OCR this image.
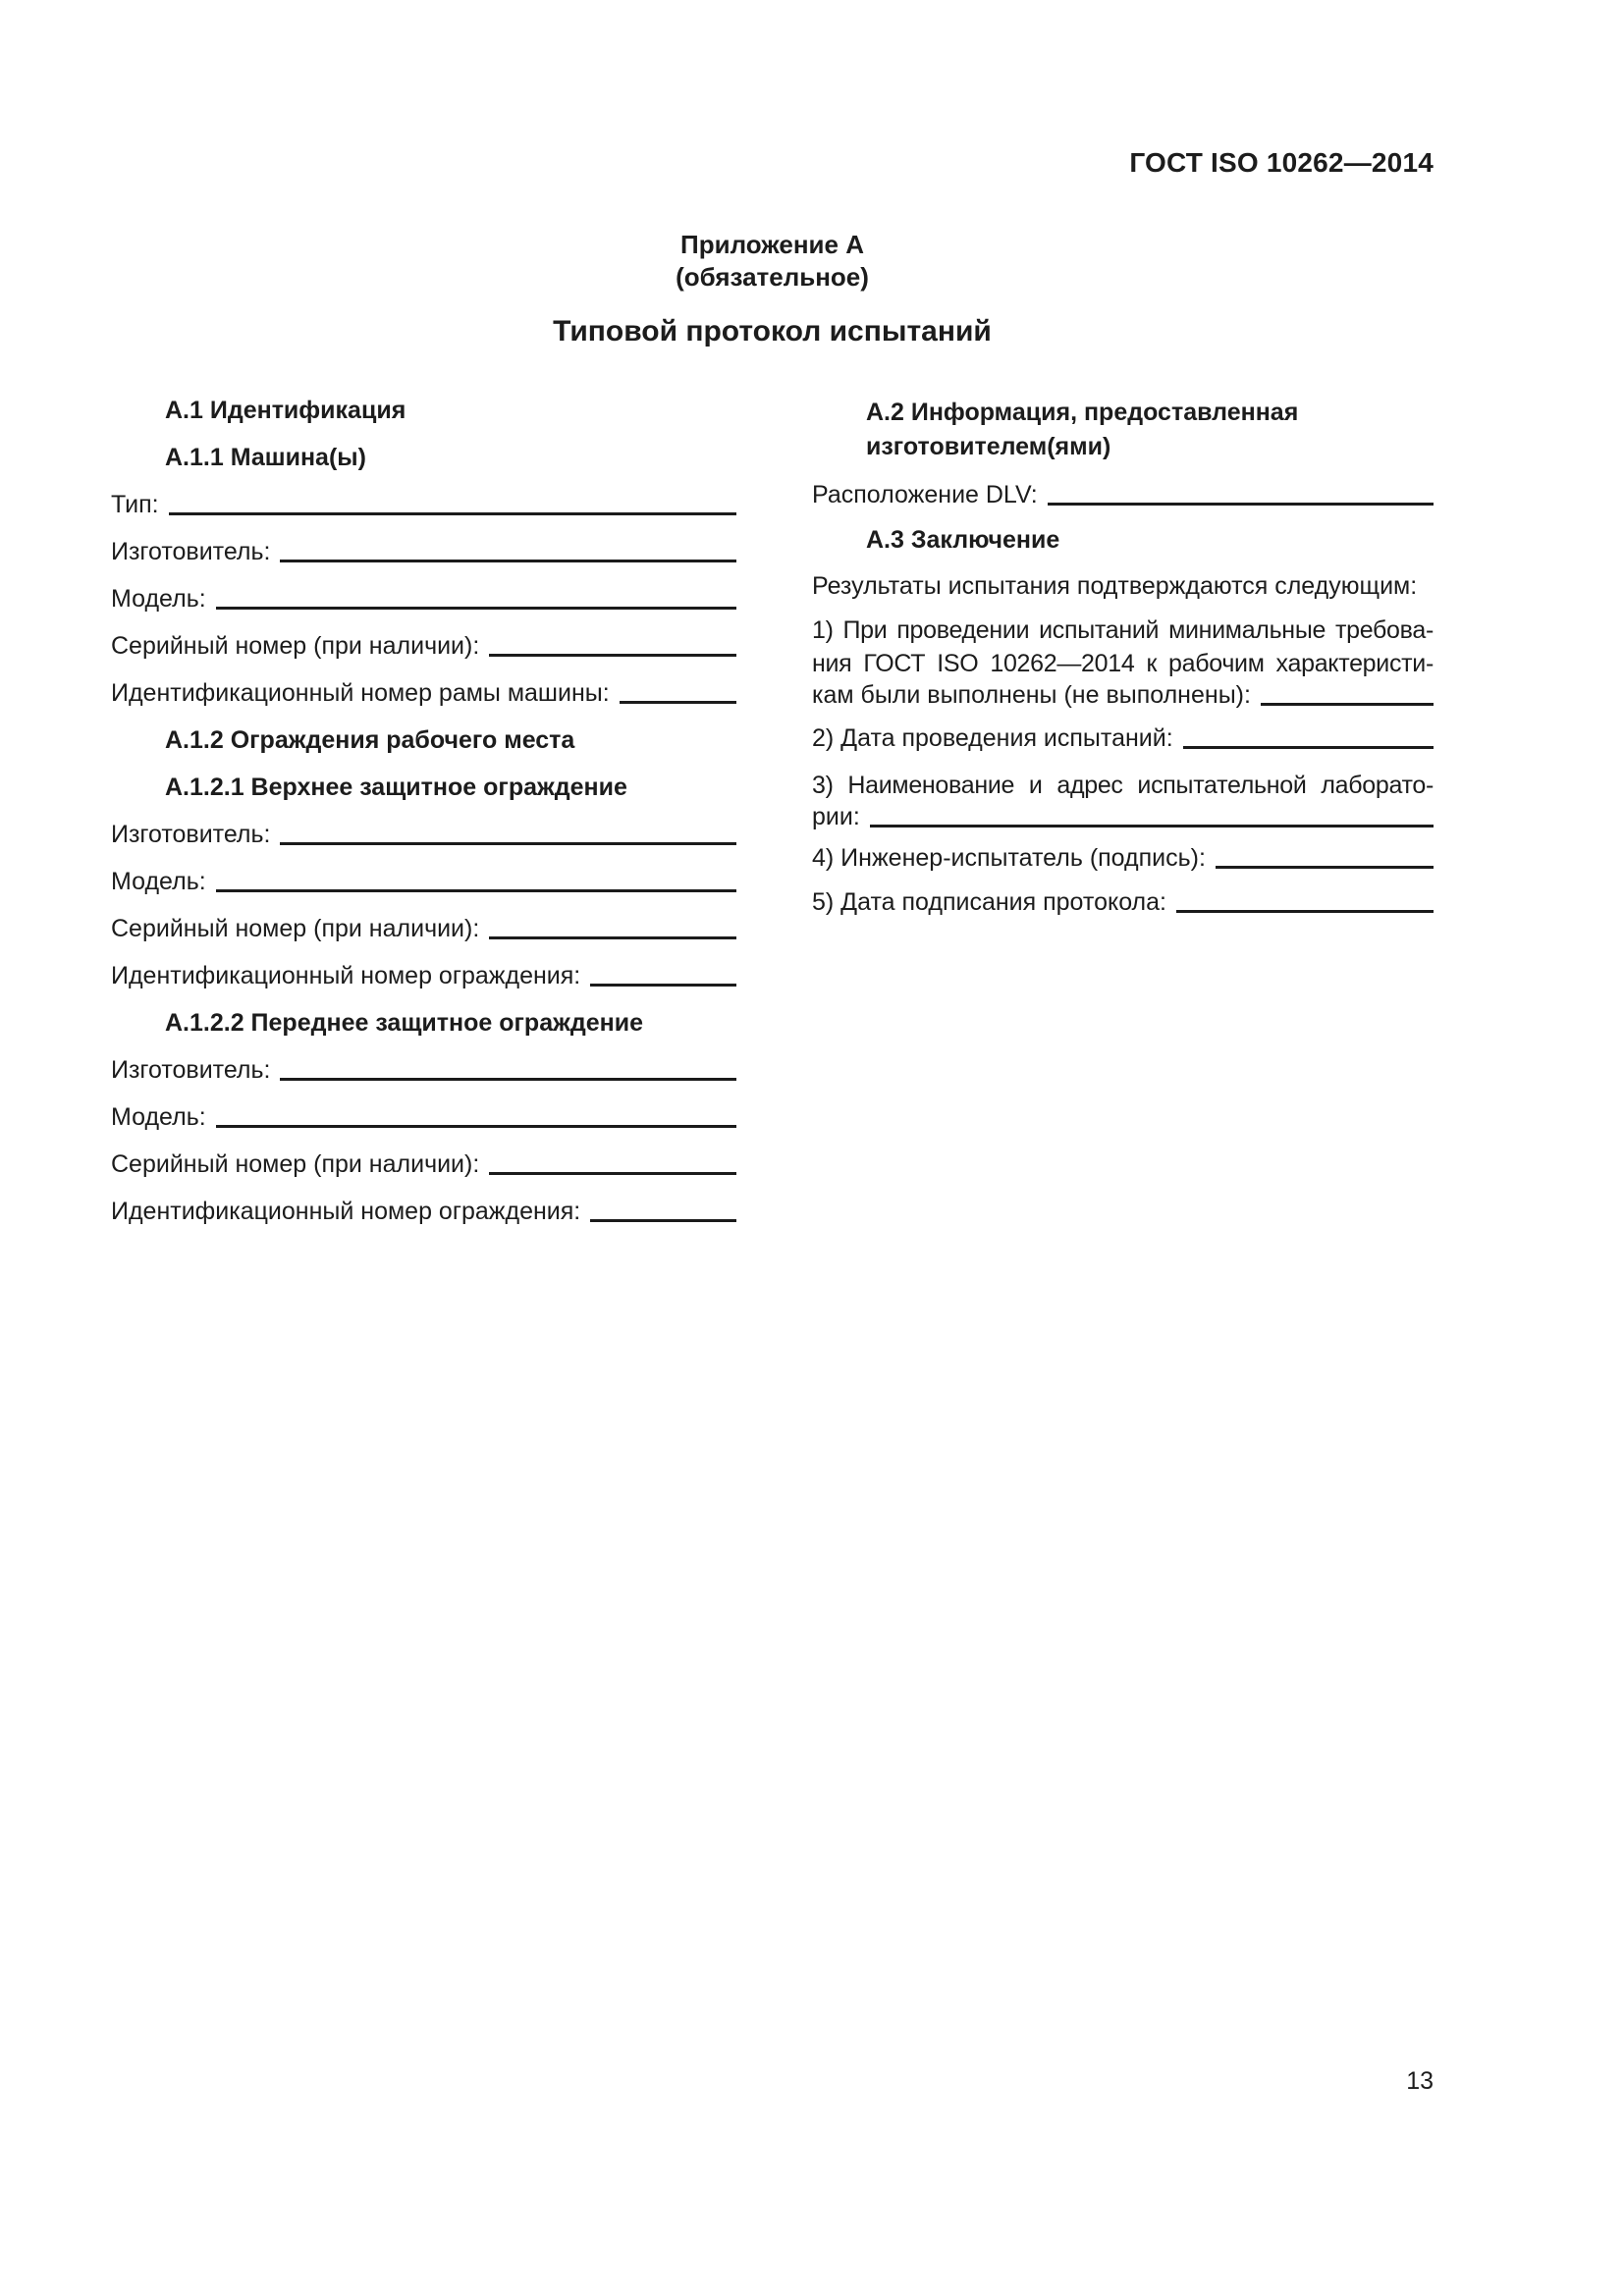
ГОСТ ISO 10262—2014
Приложение А
(обязательное)
Типовой протокол испытаний
А.1 Идентификация
А.1.1 Машина(ы)
Тип:
Изготовитель:
Модель:
Серийный номер (при наличии):
Идентификационный номер рамы машины:
А.1.2 Ограждения рабочего места
А.1.2.1 Верхнее защитное ограждение
Изготовитель:
Модель:
Серийный номер (при наличии):
Идентификационный номер ограждения:
А.1.2.2 Переднее защитное ограждение
Изготовитель:
Модель:
Серийный номер (при наличии):
Идентификационный номер ограждения:
А.2 Информация, предоставленная
изготовителем(ями)
Расположение DLV:
А.3 Заключение
Результаты испытания подтверждаются следующим:
1) При проведении испытаний минимальные требова-
ния ГОСТ ISO 10262—2014 к рабочим характеристи-
кам были выполнены (не выполнены):
2) Дата проведения испытаний:
3) Наименование и адрес испытательной лаборато-
рии:
4) Инженер-испытатель (подпись):
5) Дата подписания протокола:
13
